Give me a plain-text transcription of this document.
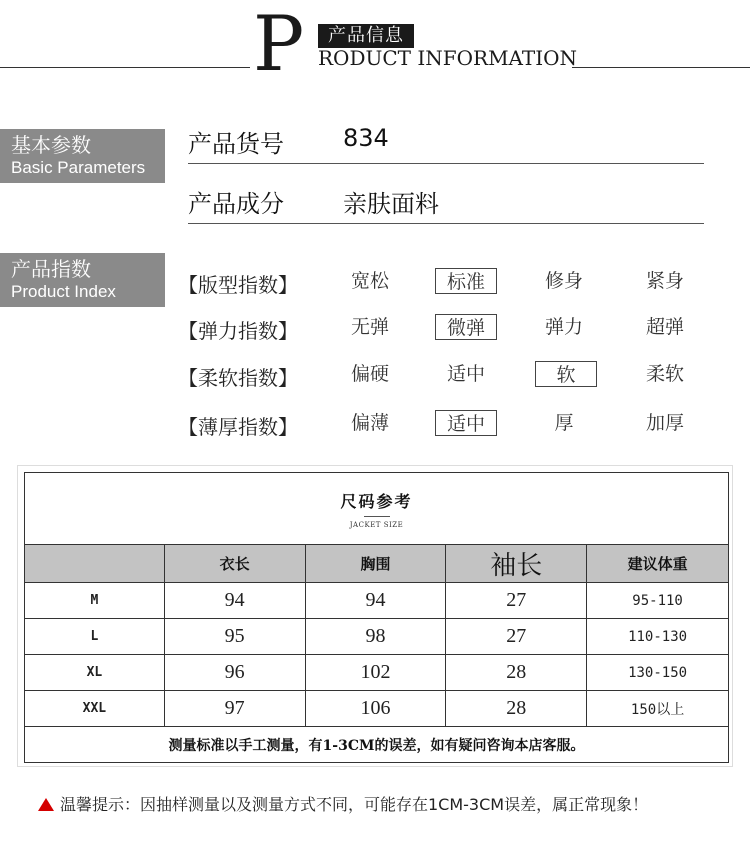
P	产品信息
RODUCT INFORMATION
基本参数
Basic Parameters
产品货号 834
产品成分 亲肤面料
产品指数
Product Index	【版型指数】	宽松	标准	修身	紧身
【弹力指数】	无弹	微弹	弹力	超弹
【柔软指数】	偏硬	适中	软	柔软
【薄厚指数】	偏薄	适中	厚	加厚
尺码参考
JACKET SIZE				

	衣长	胸围	袖长	建议体重
M	94	94	27	95-110
L	95	98	27	110-130
XL	96	102	28	130-150
XXL	97	106	28	150以上
测量标准以手工测量，有1-3CM的误差，如有疑问咨询本店客服。				
温馨提示：因抽样测量以及测量方式不同，可能存在1CM-3CM误差，属正常现象！
